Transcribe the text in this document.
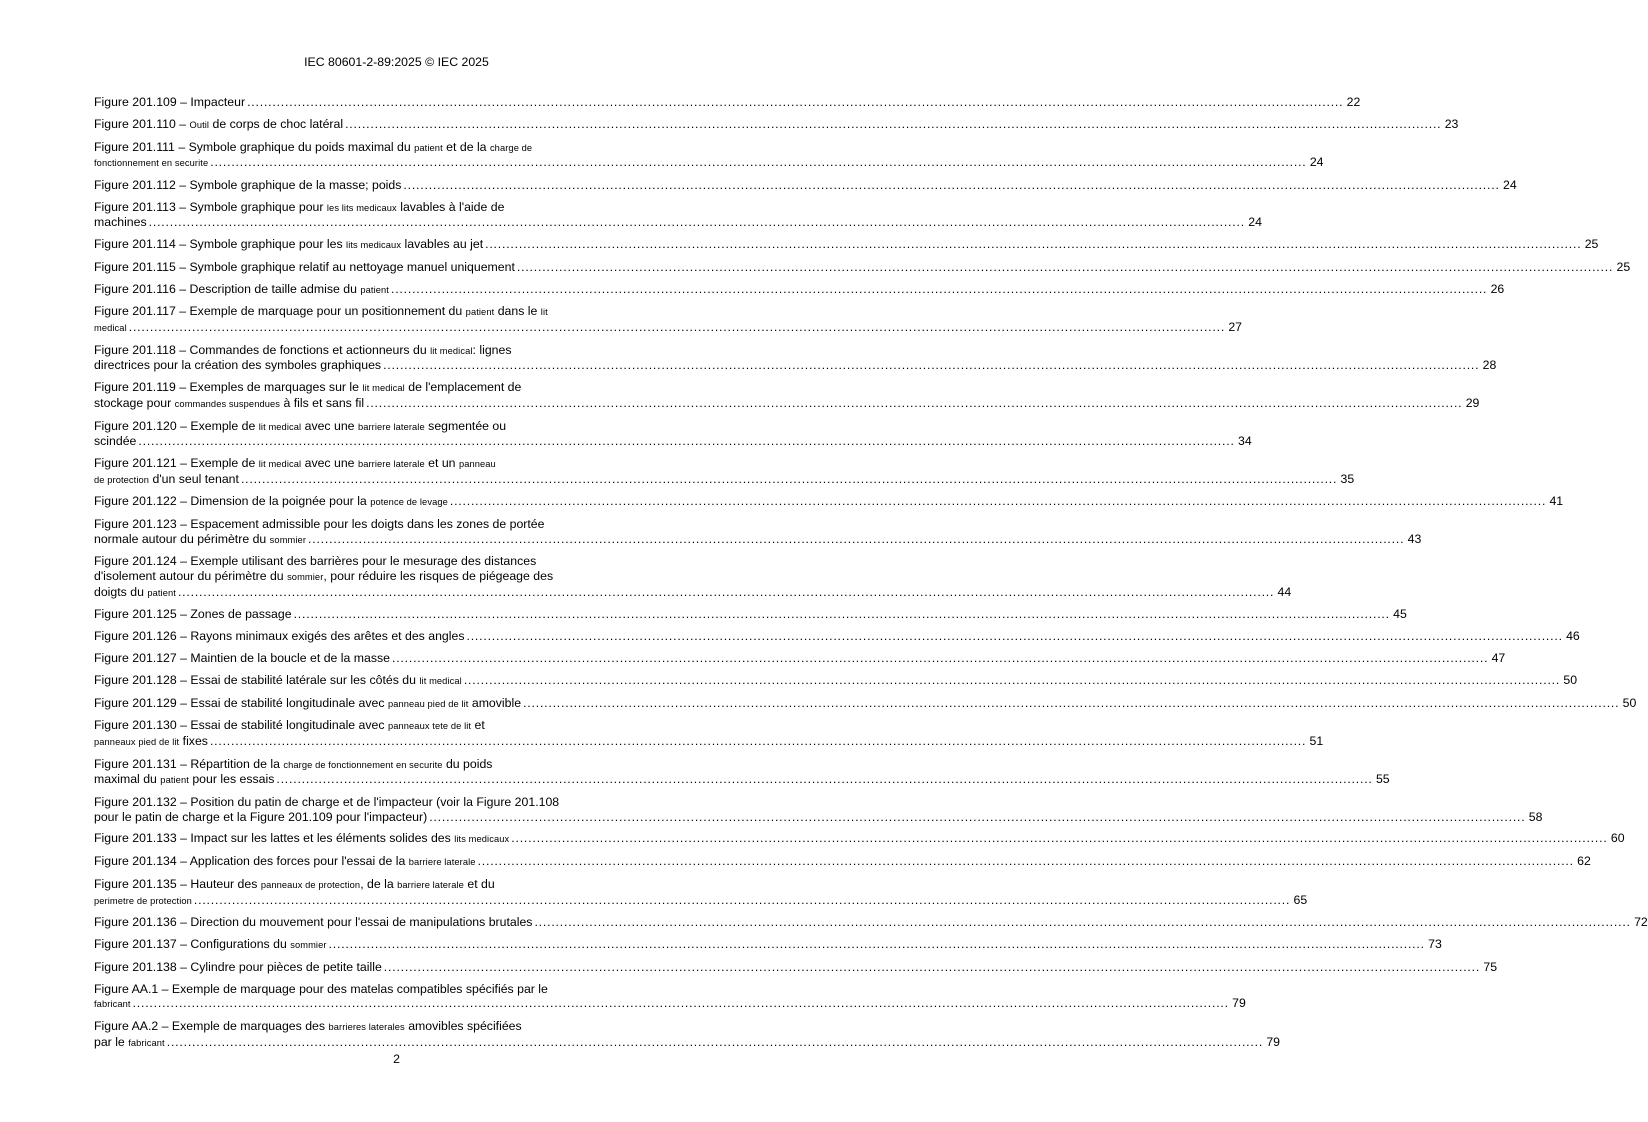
IEC 80601-2-89:2025 © IEC 2025
Figure 201.109 – Impacteur .................................................................................................................................................................................................................................................................... 22
Figure 201.110 – Outil de corps de choc latéral .................................................................................................................................................................................................................................................................... 23
Figure 201.111 – Symbole graphique du poids maximal du patient et de la charge de
fonctionnement en securite .................................................................................................................................................................................................................................................................... 24
Figure 201.112 – Symbole graphique de la masse; poids .................................................................................................................................................................................................................................................................... 24
Figure 201.113 – Symbole graphique pour les lits medicaux lavables à l'aide de
machines .................................................................................................................................................................................................................................................................... 24
Figure 201.114 – Symbole graphique pour les lits medicaux lavables au jet .................................................................................................................................................................................................................................................................... 25
Figure 201.115 – Symbole graphique relatif au nettoyage manuel uniquement .................................................................................................................................................................................................................................................................... 25
Figure 201.116 – Description de taille admise du patient .................................................................................................................................................................................................................................................................... 26
Figure 201.117 – Exemple de marquage pour un positionnement du patient dans le lit
medical .................................................................................................................................................................................................................................................................... 27
Figure 201.118 – Commandes de fonctions et actionneurs du lit medical: lignes
directrices pour la création des symboles graphiques .................................................................................................................................................................................................................................................................... 28
Figure 201.119 – Exemples de marquages sur le lit medical de l'emplacement de
stockage pour commandes suspendues à fils et sans fil .................................................................................................................................................................................................................................................................... 29
Figure 201.120 – Exemple de lit medical avec une barriere laterale segmentée ou
scindée .................................................................................................................................................................................................................................................................... 34
Figure 201.121 – Exemple de lit medical avec une barriere laterale et un panneau
de protection d'un seul tenant .................................................................................................................................................................................................................................................................... 35
Figure 201.122 – Dimension de la poignée pour la potence de levage .................................................................................................................................................................................................................................................................... 41
Figure 201.123 – Espacement admissible pour les doigts dans les zones de portée
normale autour du périmètre du sommier .................................................................................................................................................................................................................................................................... 43
Figure 201.124 – Exemple utilisant des barrières pour le mesurage des distances
d'isolement autour du périmètre du sommier, pour réduire les risques de piégeage des
doigts du patient .................................................................................................................................................................................................................................................................... 44
Figure 201.125 – Zones de passage .................................................................................................................................................................................................................................................................... 45
Figure 201.126 – Rayons minimaux exigés des arêtes et des angles .................................................................................................................................................................................................................................................................... 46
Figure 201.127 – Maintien de la boucle et de la masse .................................................................................................................................................................................................................................................................... 47
Figure 201.128 – Essai de stabilité latérale sur les côtés du lit medical .................................................................................................................................................................................................................................................................... 50
Figure 201.129 – Essai de stabilité longitudinale avec panneau pied de lit amovible .................................................................................................................................................................................................................................................................... 50
Figure 201.130 – Essai de stabilité longitudinale avec panneaux tete de lit et
panneaux pied de lit fixes .................................................................................................................................................................................................................................................................... 51
Figure 201.131 – Répartition de la charge de fonctionnement en securite du poids
maximal du patient pour les essais .................................................................................................................................................................................................................................................................... 55
Figure 201.132 – Position du patin de charge et de l'impacteur (voir la Figure 201.108
pour le patin de charge et la Figure 201.109 pour l'impacteur) .................................................................................................................................................................................................................................................................... 58
Figure 201.133 – Impact sur les lattes et les éléments solides des lits medicaux .................................................................................................................................................................................................................................................................... 60
Figure 201.134 – Application des forces pour l'essai de la barriere laterale .................................................................................................................................................................................................................................................................... 62
Figure 201.135 – Hauteur des panneaux de protection, de la barriere laterale et du
perimetre de protection .................................................................................................................................................................................................................................................................... 65
Figure 201.136 – Direction du mouvement pour l'essai de manipulations brutales .................................................................................................................................................................................................................................................................... 72
Figure 201.137 – Configurations du sommier .................................................................................................................................................................................................................................................................... 73
Figure 201.138 – Cylindre pour pièces de petite taille .................................................................................................................................................................................................................................................................... 75
Figure AA.1 – Exemple de marquage pour des matelas compatibles spécifiés par le
fabricant .................................................................................................................................................................................................................................................................... 79
Figure AA.2 – Exemple de marquages des barrieres laterales amovibles spécifiées
par le fabricant .................................................................................................................................................................................................................................................................... 79
2
